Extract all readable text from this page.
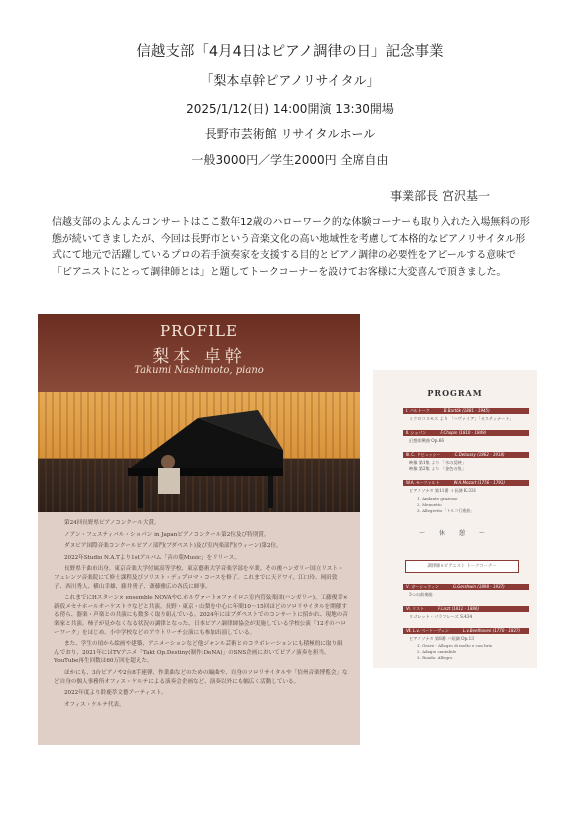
信越支部「4月4日はピアノ調律の日」記念事業
「梨本卓幹ピアノリサイタル」
2025/1/12(日) 14:00開演 13:30開場
長野市芸術館 リサイタルホール
一般3000円／学生2000円 全席自由
事業部長 宮沢基一
信越支部のよんよんコンサートはここ数年12歳のハローワーク的な体験コーナーも取り入れた入場無料の形態が続いてきましたが、今回は長野市という音楽文化の高い地域性を考慮して本格的なピアノリサイタル形式にて地元で活躍しているプロの若手演奏家を支援する目的とピアノ調律の必要性をアピールする意味で「ピアニストにとって調律師とは」と題してトークコーナーを設けてお客様に大変喜んで頂きました。
PROFILE
梨本 卓幹
Takumi Nashimoto, piano

第24回長野県ピアノコンクール大賞。

ノアン・フェスティバル・ショパン in Japanピアノコンクール第2位及び特別賞。

ダヌビア国際音楽コンクールピアノ部門(ブダペスト)及び室内楽部門(ウィーン)第2位。

2022年Studio N.A.Tより1stアルバム「音の葉Music」をリリース。

長野県千曲市出身。東京音楽大学付属高等学校、東京藝術大学音楽学部を卒業。その後ハンガリー国立リスト・フェレンツ音楽院にて修士課程及びソリスト・ディプロマ・コースを修了。これまでに天ドワイ、江口玲、岡田敦子、西川秀人、横山幸雄、藤井勇子、斎藤雅広の各氏に師事。

これまでにHスターン× ensemble NOVAやC.ホルヴァート×ファイロニ室内管弦楽団(ハンガリー)、工藤俊幸×新仮メセナホールオーケストラなどと共演。長野・東京・山梨を中心に年間10〜15回ほどのソロリサイタルを開催する傍ら、器楽・声楽との共演にも数多く取り組んでいる。2024年にはブダペストでのコンサートに招かれ、現地の音楽家と共演。柿子が見かなくなる状況の調律となった、日本ピアノ調律師協会が実施している学校公演「12才のハローワーク」をはじめ、小中学校などのアウトリーチ公演にも参加出演している。

また、学生の頃から絵画や建築、アニメーションなど他ジャンル芸術とのコラボレーションにも積極的に取り組んでおり、2021年にはTVアニメ「Takt Op.Destiny(制作:DeNA)」のSNS企画においてピアノ演奏を担当。YouTube再生回数は60万回を超えた。

ほかにも、3台ピアノや2台8手連弾、作業曲などのための編曲や、自身のソロリサイタルや「信州音楽博覧会」など自身の個人事務所オフィス・ケルテによる演奏会企画など、演奏以外にも幅広く活動している。

2022年度より鈴鹿萃文藝アーティスト。

オフィス・ケルテ代表。

PROGRAM
Ⅰ. バルトーク	B.Bartók (1881 - 1945)
ミクロコスモス より 「ハヴァイア」「オスティナート」
Ⅱ. ショパン	F.Chopin (1810 - 1849)
幻想即興曲 Op.66
Ⅲ. C. ドビュッシー	C.Debussy (1862 - 1918)
映像 第1集 より 「水の反映」
映像 第2集 より 「金色の魚」
W.A. モーツァルト	W.A.Mozart (1756 - 1791)
ピアノソナタ 第11番 イ長調 K.331
1. Andante grazioso
2. Menuetto
3. Allegretto「トルコ行進曲」
〜 休 憩 〜
調律師×ピアニスト トークコーナー
Ⅴ. ガーシュウィン	G.Gershwin (1898 - 1937)
3つの前奏曲
Ⅵ. リスト	F.Liszt (1811 - 1886)
リゴレット・パラフレーズ S.434
Ⅶ. L.v. ベートーヴェン	L.v.Beethoven (1770 - 1827)
ピアノソナタ 第8番 ハ短調 Op.13
1. Grave - Allegro di molto e con brio
2. Adagio cantabile
3. Rondo: Allegro
